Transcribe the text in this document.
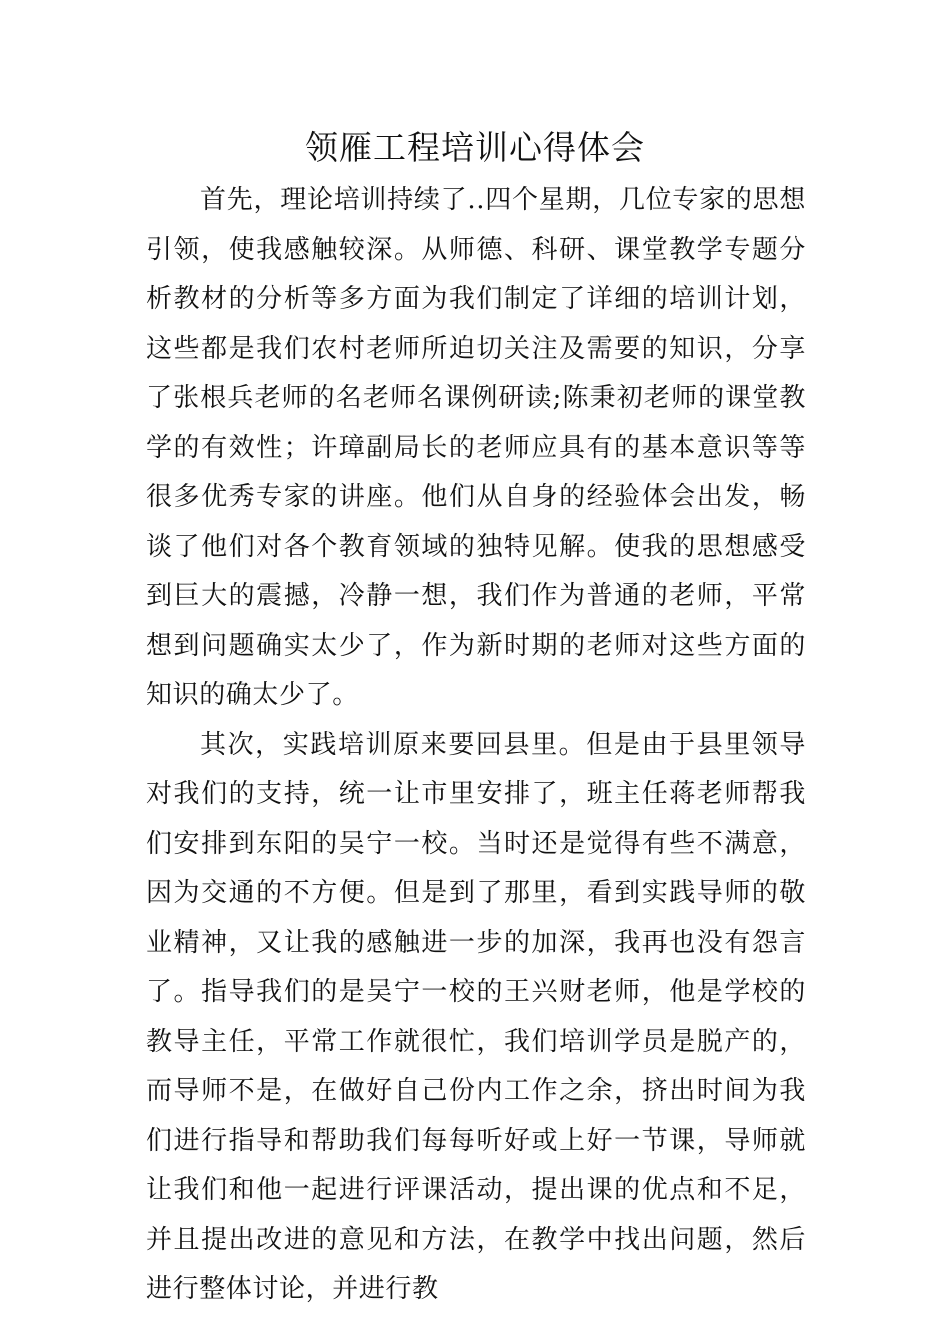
领雁工程培训心得体会

首先，理论培训持续了..四个星期，几位专家的思想引领，使我感触较深。从师德、科研、课堂教学专题分析教材的分析等多方面为我们制定了详细的培训计划，这些都是我们农村老师所迫切关注及需要的知识，分享了张根兵老师的名老师名课例研读;陈秉初老师的课堂教学的有效性；许璋副局长的老师应具有的基本意识等等很多优秀专家的讲座。他们从自身的经验体会出发，畅谈了他们对各个教育领域的独特见解。使我的思想感受到巨大的震撼，冷静一想，我们作为普通的老师，平常想到问题确实太少了，作为新时期的老师对这些方面的知识的确太少了。

其次，实践培训原来要回县里。但是由于县里领导对我们的支持，统一让市里安排了，班主任蒋老师帮我们安排到东阳的吴宁一校。当时还是觉得有些不满意，因为交通的不方便。但是到了那里，看到实践导师的敬业精神，又让我的感触进一步的加深，我再也没有怨言了。指导我们的是吴宁一校的王兴财老师，他是学校的教导主任，平常工作就很忙，我们培训学员是脱产的，而导师不是，在做好自己份内工作之余，挤出时间为我们进行指导和帮助我们每每听好或上好一节课，导师就让我们和他一起进行评课活动，提出课的优点和不足，并且提出改进的意见和方法，在教学中找出问题，然后进行整体讨论，并进行教
